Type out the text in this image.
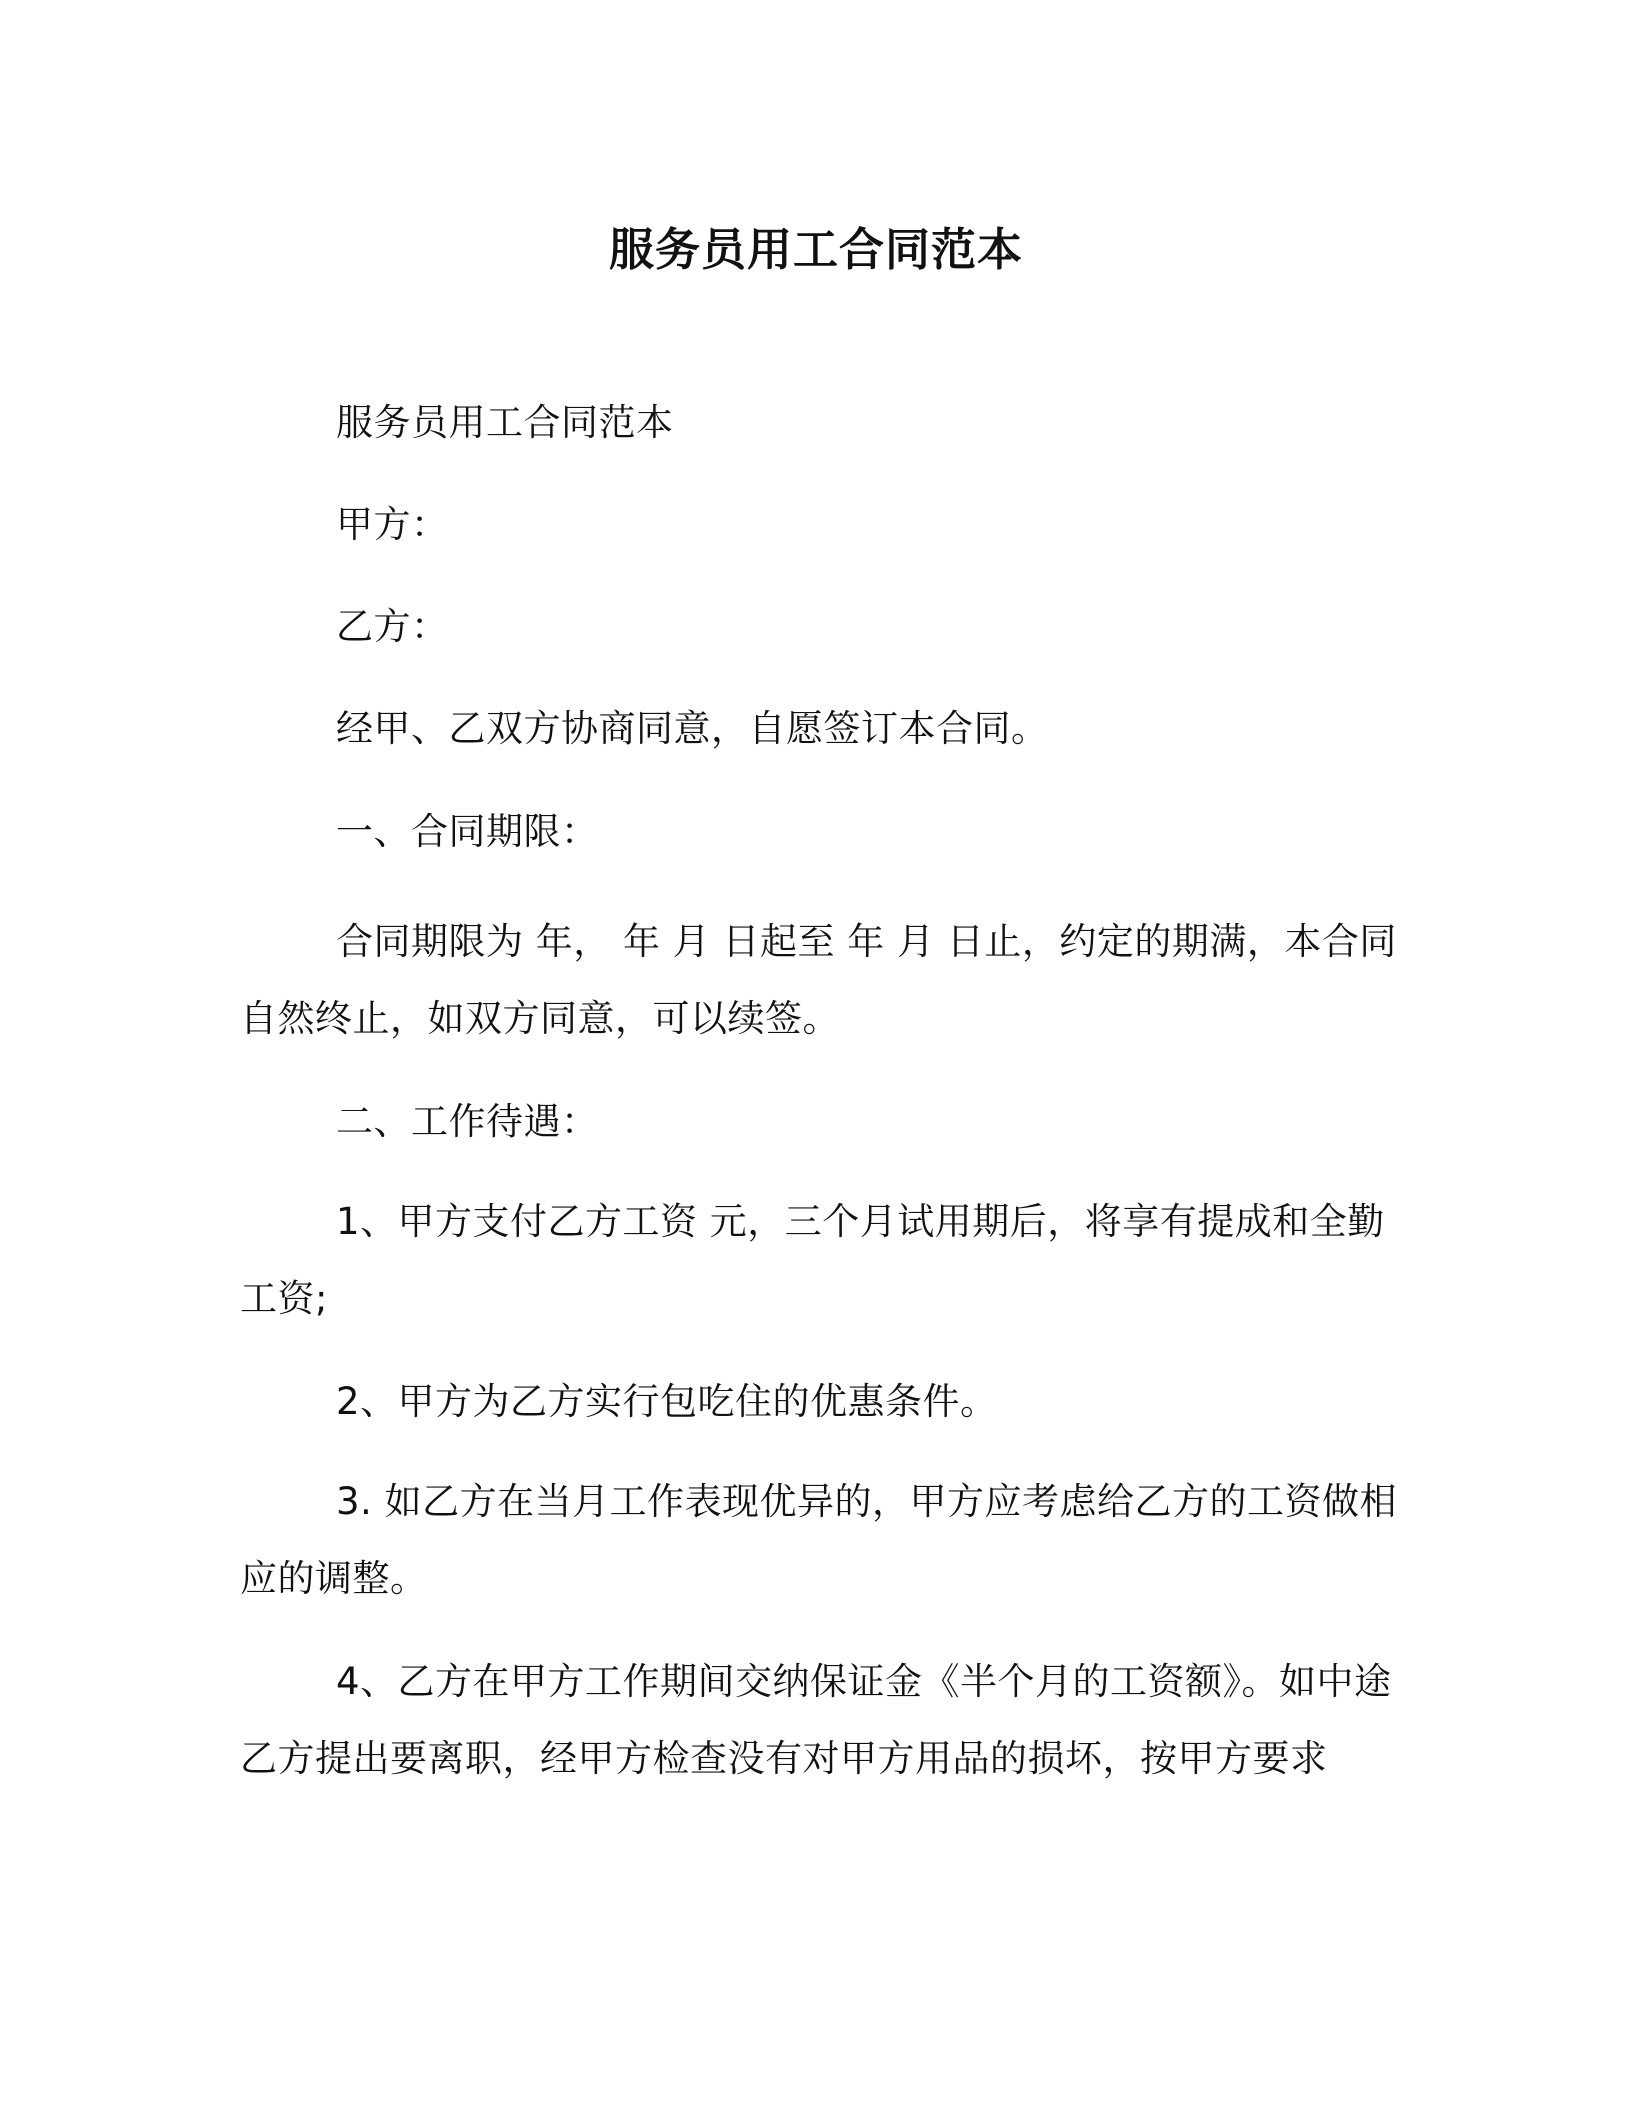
服务员用工合同范本

服务员用工合同范本

甲方：

乙方：

经甲、乙双方协商同意，自愿签订本合同。

一、合同期限：

合同期限为 年， 年 月 日起至 年 月 日止，约定的期满，本合同自然终止，如双方同意，可以续签。

二、工作待遇：

1、甲方支付乙方工资 元，三个月试用期后，将享有提成和全勤工资;

2、甲方为乙方实行包吃住的优惠条件。

3. 如乙方在当月工作表现优异的，甲方应考虑给乙方的工资做相应的调整。

4、乙方在甲方工作期间交纳保证金《半个月的工资额》。如中途乙方提出要离职，经甲方检查没有对甲方用品的损坏，按甲方要求
